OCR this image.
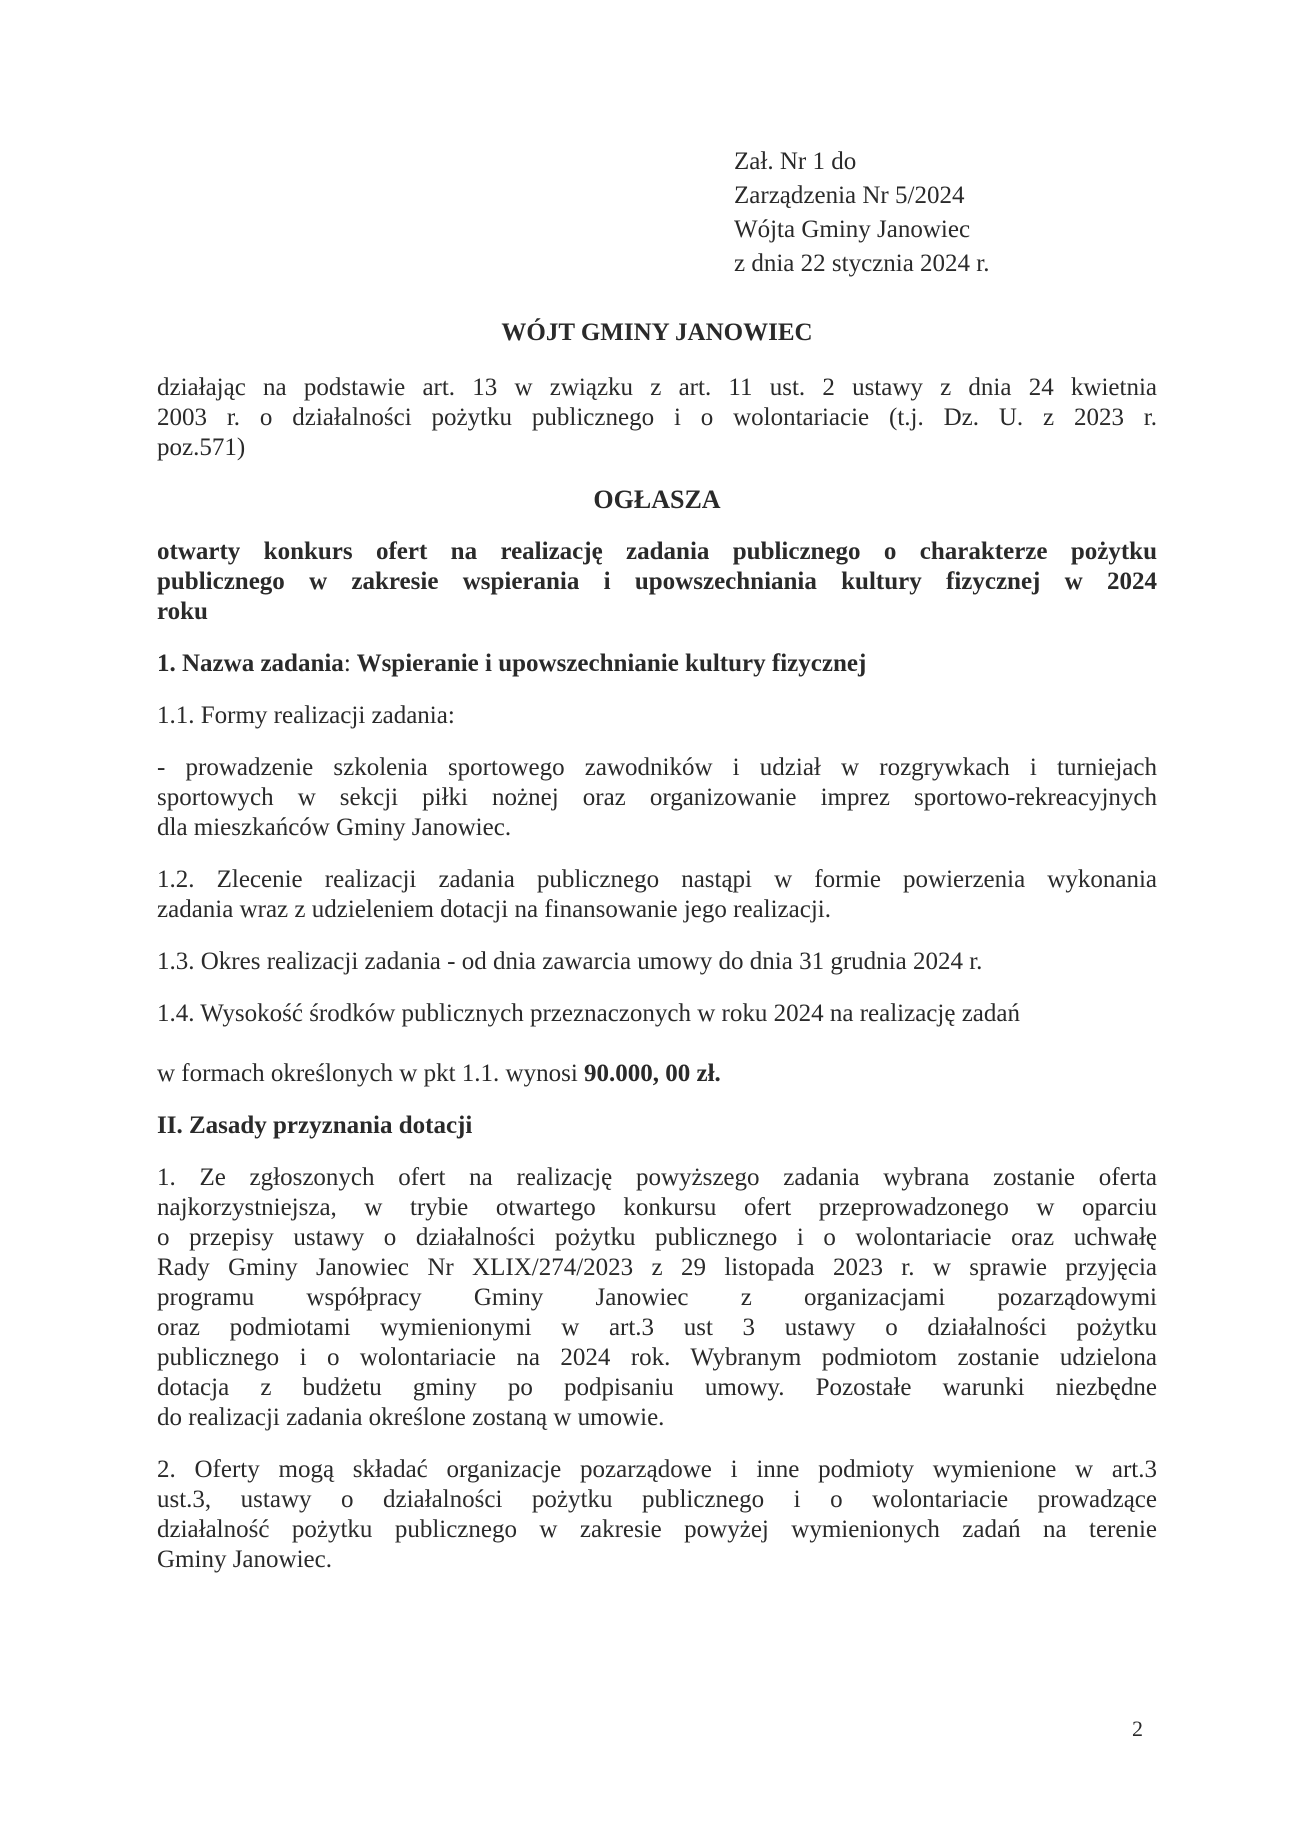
Zał. Nr 1 do
Zarządzenia Nr 5/2024
Wójta Gminy Janowiec
z dnia 22 stycznia 2024 r.

WÓJT GMINY JANOWIEC

działając na podstawie art. 13 w związku z art. 11 ust. 2 ustawy z dnia 24 kwietnia
2003 r. o działalności pożytku publicznego i o wolontariacie (t.j. Dz. U. z 2023 r.
poz.571)

OGŁASZA

otwarty konkurs ofert na realizację zadania publicznego o charakterze pożytku
publicznego w zakresie wspierania i upowszechniania kultury fizycznej w 2024
roku

1. Nazwa zadania: Wspieranie i upowszechnianie kultury fizycznej

1.1. Formy realizacji zadania:

- prowadzenie szkolenia sportowego zawodników i udział w rozgrywkach i turniejach
sportowych w sekcji piłki nożnej oraz organizowanie imprez sportowo-rekreacyjnych
dla mieszkańców Gminy Janowiec.

1.2. Zlecenie realizacji zadania publicznego nastąpi w formie powierzenia wykonania
zadania wraz z udzieleniem dotacji na finansowanie jego realizacji.

1.3. Okres realizacji zadania - od dnia zawarcia umowy do dnia 31 grudnia 2024 r.

1.4. Wysokość środków publicznych przeznaczonych w roku 2024 na realizację zadań

w formach określonych w pkt 1.1. wynosi 90.000, 00 zł.

II. Zasady przyznania dotacji

1. Ze zgłoszonych ofert na realizację powyższego zadania wybrana zostanie oferta
najkorzystniejsza, w trybie otwartego konkursu ofert przeprowadzonego w oparciu
o przepisy ustawy o działalności pożytku publicznego i o wolontariacie oraz uchwałę
Rady Gminy Janowiec Nr XLIX/274/2023 z 29 listopada 2023 r. w sprawie przyjęcia
programu współpracy Gminy Janowiec z organizacjami pozarządowymi
oraz podmiotami wymienionymi w art.3 ust 3 ustawy o działalności pożytku
publicznego i o wolontariacie na 2024 rok. Wybranym podmiotom zostanie udzielona
dotacja z budżetu gminy po podpisaniu umowy. Pozostałe warunki niezbędne
do realizacji zadania określone zostaną w umowie.

2. Oferty mogą składać organizacje pozarządowe i inne podmioty wymienione w art.3
ust.3, ustawy o działalności pożytku publicznego i o wolontariacie prowadzące
działalność pożytku publicznego w zakresie powyżej wymienionych zadań na terenie
Gminy Janowiec.

2
